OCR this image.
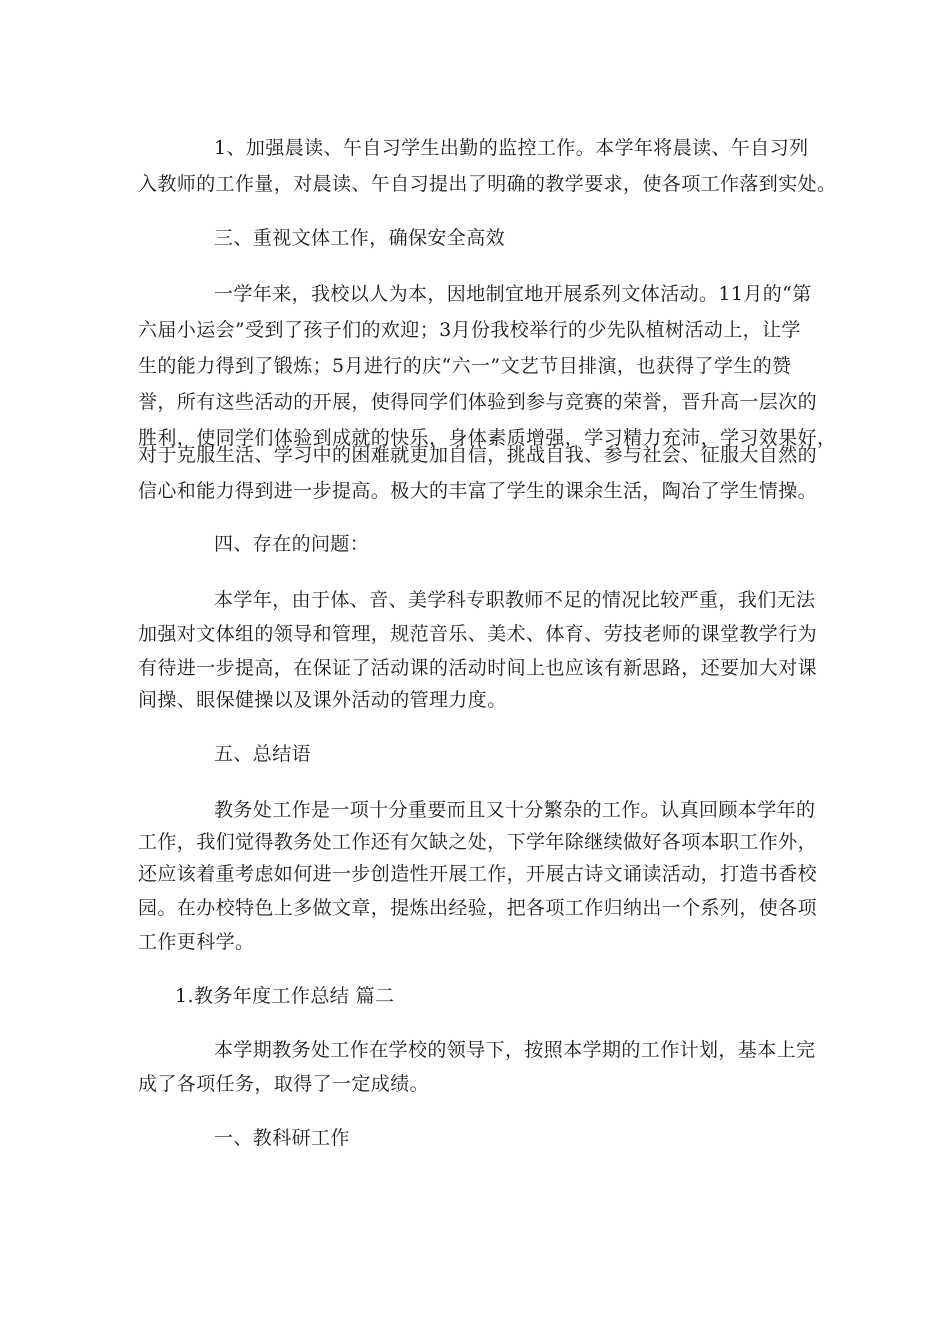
1、加强晨读、午自习学生出勤的监控工作。本学年将晨读、午自习列
入教师的工作量，对晨读、午自习提出了明确的教学要求，使各项工作落到实处。
三、重视文体工作，确保安全高效
一学年来，我校以人为本，因地制宜地开展系列文体活动。11月的“第
六届小运会”受到了孩子们的欢迎；3月份我校举行的少先队植树活动上，让学
生的能力得到了锻炼；5月进行的庆“六一”文艺节目排演，也获得了学生的赞
誉，所有这些活动的开展，使得同学们体验到参与竞赛的荣誉，晋升高一层次的
胜利，使同学们体验到成就的快乐，身体素质增强，学习精力充沛，学习效果好，
对于克服生活、学习中的困难就更加自信，挑战自我、参与社会、征服大自然的
信心和能力得到进一步提高。极大的丰富了学生的课余生活，陶冶了学生情操。
四、存在的问题：
本学年，由于体、音、美学科专职教师不足的情况比较严重，我们无法
加强对文体组的领导和管理，规范音乐、美术、体育、劳技老师的课堂教学行为
有待进一步提高，在保证了活动课的活动时间上也应该有新思路，还要加大对课
间操、眼保健操以及课外活动的管理力度。
五、总结语
教务处工作是一项十分重要而且又十分繁杂的工作。认真回顾本学年的
工作，我们觉得教务处工作还有欠缺之处，下学年除继续做好各项本职工作外，
还应该着重考虑如何进一步创造性开展工作，开展古诗文诵读活动，打造书香校
园。在办校特色上多做文章，提炼出经验，把各项工作归纳出一个系列，使各项
工作更科学。
1.教务年度工作总结 篇二
本学期教务处工作在学校的领导下，按照本学期的工作计划，基本上完
成了各项任务，取得了一定成绩。
一、教科研工作
